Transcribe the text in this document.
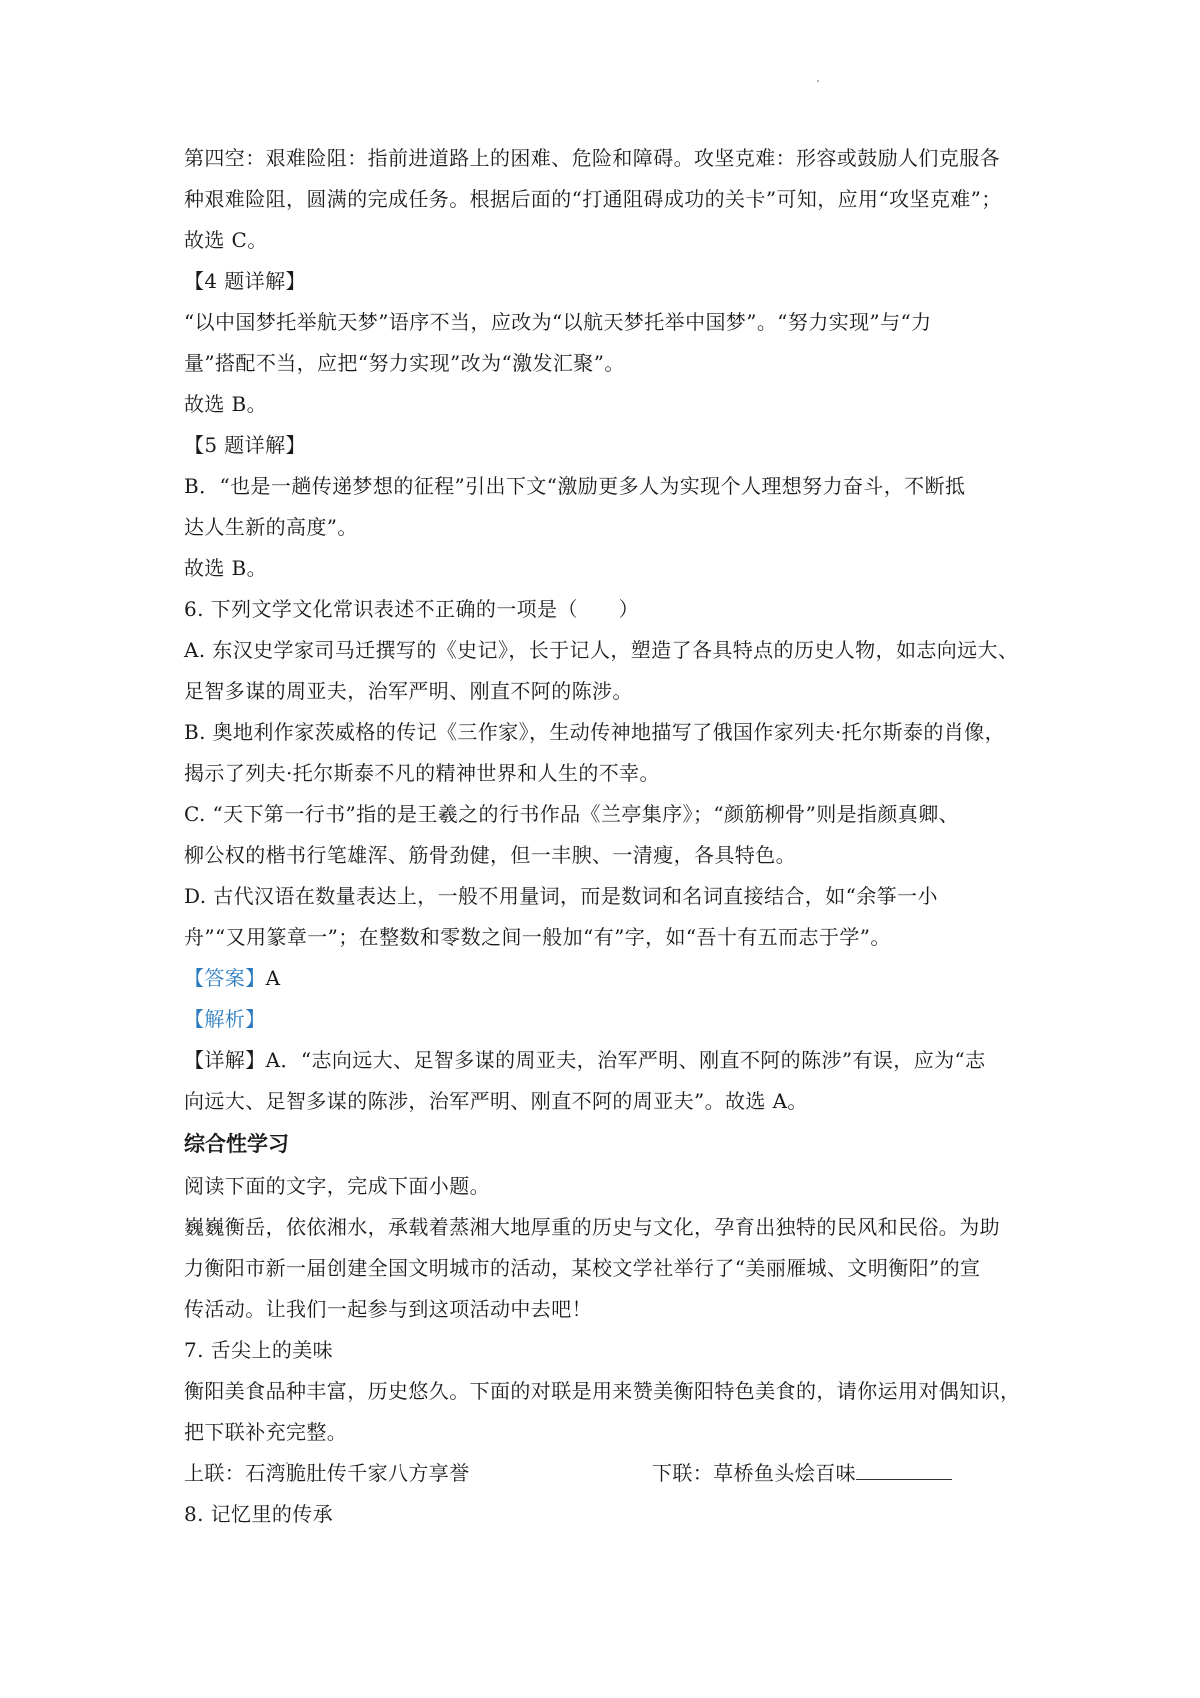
第四空：艰难险阻：指前进道路上的困难、危险和障碍。攻坚克难：形容或鼓励人们克服各
种艰难险阻，圆满的完成任务。根据后面的“打通阻碍成功的关卡”可知，应用“攻坚克难”；
故选 C。
【4 题详解】
“以中国梦托举航天梦”语序不当，应改为“以航天梦托举中国梦”。“努力实现”与“力
量”搭配不当，应把“努力实现”改为“激发汇聚”。
故选 B。
【5 题详解】
B．“也是一趟传递梦想的征程”引出下文“激励更多人为实现个人理想努力奋斗，不断抵
达人生新的高度”。
故选 B。
6. 下列文学文化常识表述不正确的一项是（　　）
A. 东汉史学家司马迁撰写的《史记》，长于记人，塑造了各具特点的历史人物，如志向远大、
足智多谋的周亚夫，治军严明、刚直不阿的陈涉。
B. 奥地利作家茨威格的传记《三作家》，生动传神地描写了俄国作家列夫·托尔斯泰的肖像，
揭示了列夫·托尔斯泰不凡的精神世界和人生的不幸。
C. “天下第一行书”指的是王羲之的行书作品《兰亭集序》；“颜筋柳骨”则是指颜真卿、
柳公权的楷书行笔雄浑、筋骨劲健，但一丰腴、一清瘦，各具特色。
D. 古代汉语在数量表达上，一般不用量词，而是数词和名词直接结合，如“余筝一小
舟”“又用篆章一”；在整数和零数之间一般加“有”字，如“吾十有五而志于学”。
【答案】A
【解析】
【详解】A．“志向远大、足智多谋的周亚夫，治军严明、刚直不阿的陈涉”有误，应为“志
向远大、足智多谋的陈涉，治军严明、刚直不阿的周亚夫”。故选 A。
综合性学习
阅读下面的文字，完成下面小题。
巍巍衡岳，依依湘水，承载着蒸湘大地厚重的历史与文化，孕育出独特的民风和民俗。为助
力衡阳市新一届创建全国文明城市的活动，某校文学社举行了“美丽雁城、文明衡阳”的宣
传活动。让我们一起参与到这项活动中去吧！
7. 舌尖上的美味
衡阳美食品种丰富，历史悠久。下面的对联是用来赞美衡阳特色美食的，请你运用对偶知识，
把下联补充完整。
上联：石湾脆肚传千家八方享誉	下联：草桥鱼头烩百味
8. 记忆里的传承
